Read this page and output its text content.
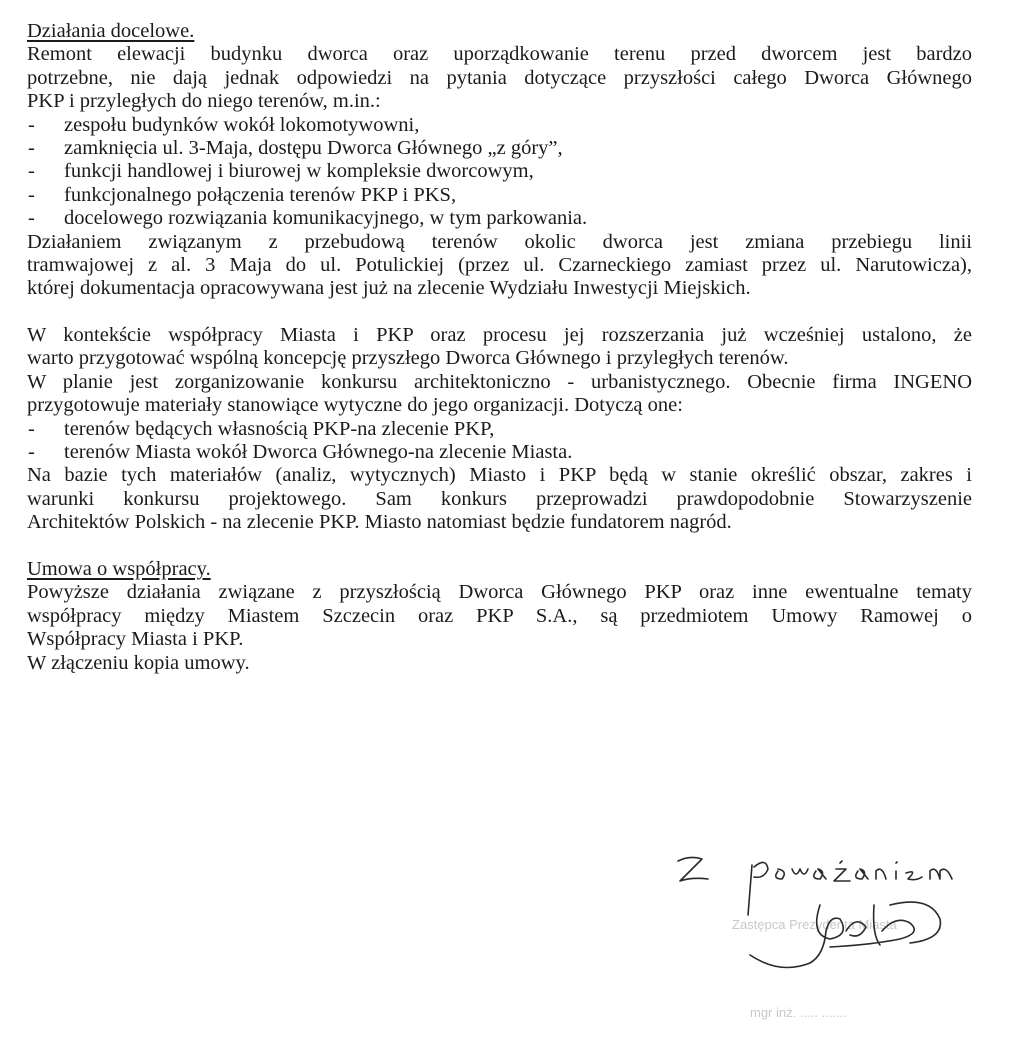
Działania docelowe.
Remont elewacji budynku dworca oraz uporządkowanie terenu przed dworcem jest bardzo
potrzebne, nie dają jednak odpowiedzi na pytania dotyczące przyszłości całego Dworca Głównego
PKP i przyległych do niego terenów, m.in.:
-	zespołu budynków wokół lokomotywowni,
-	zamknięcia ul. 3-Maja, dostępu Dworca Głównego „z góry”,
-	funkcji handlowej i biurowej w kompleksie dworcowym,
-	funkcjonalnego połączenia terenów PKP i PKS,
-	docelowego rozwiązania komunikacyjnego, w tym parkowania.
Działaniem związanym z przebudową terenów okolic dworca jest zmiana przebiegu linii
tramwajowej z al. 3 Maja do ul. Potulickiej (przez ul. Czarneckiego zamiast przez ul. Narutowicza),
której dokumentacja opracowywana jest już na zlecenie Wydziału Inwestycji Miejskich.
W kontekście współpracy Miasta i PKP oraz procesu jej rozszerzania już wcześniej ustalono, że
warto przygotować wspólną koncepcję przyszłego Dworca Głównego i przyległych terenów.
W planie jest zorganizowanie konkursu architektoniczno - urbanistycznego. Obecnie firma INGENO
przygotowuje materiały stanowiące wytyczne do jego organizacji. Dotyczą one:
-	terenów będących własnością PKP-na zlecenie PKP,
-	terenów Miasta wokół Dworca Głównego-na zlecenie Miasta.
Na bazie tych materiałów (analiz, wytycznych) Miasto i PKP będą w stanie określić obszar, zakres i
warunki konkursu projektowego. Sam konkurs przeprowadzi prawdopodobnie Stowarzyszenie
Architektów Polskich - na zlecenie PKP. Miasto natomiast będzie fundatorem nagród.
Umowa o współpracy.
Powyższe działania związane z przyszłością Dworca Głównego PKP oraz inne ewentualne tematy
współpracy między Miastem Szczecin oraz PKP S.A., są przedmiotem Umowy Ramowej o
Współpracy Miasta i PKP.
W złączeniu kopia umowy.
Zastępca Prezydenta Miasta
mgr inż. ..... .......
